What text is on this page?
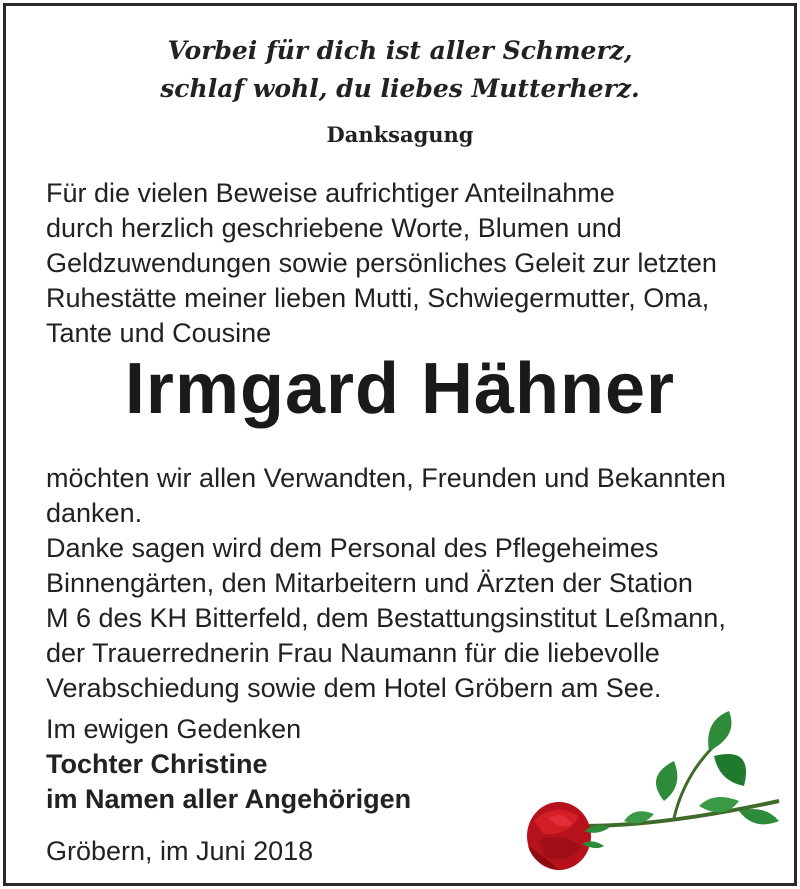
Vorbei für dich ist aller Schmerz,
schlaf wohl, du liebes Mutterherz.
Danksagung
Für die vielen Beweise aufrichtiger Anteilnahme
durch herzlich geschriebene Worte, Blumen und
Geldzuwendungen sowie persönliches Geleit zur letzten
Ruhestätte meiner lieben Mutti, Schwiegermutter, Oma,
Tante und Cousine
Irmgard Hähner
möchten wir allen Verwandten, Freunden und Bekannten
danken.
Danke sagen wird dem Personal des Pflegeheimes
Binnengärten, den Mitarbeitern und Ärzten der Station
M 6 des KH Bitterfeld, dem Bestattungsinstitut Leßmann,
der Trauerrednerin Frau Naumann für die liebevolle
Verabschiedung sowie dem Hotel Gröbern am See.
Im ewigen Gedenken
Tochter Christine
im Namen aller Angehörigen
Gröbern, im Juni 2018
